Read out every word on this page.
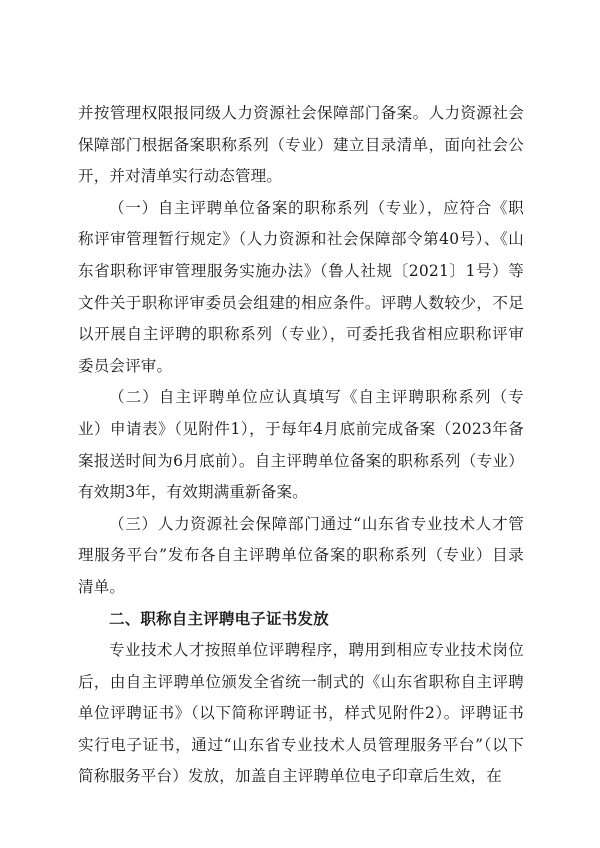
并按管理权限报同级人力资源社会保障部门备案。人力资源社会保障部门根据备案职称系列（专业）建立目录清单，面向社会公开，并对清单实行动态管理。

（一）自主评聘单位备案的职称系列（专业），应符合《职称评审管理暂行规定》（人力资源和社会保障部令第40号）、《山东省职称评审管理服务实施办法》（鲁人社规〔2021〕1号）等文件关于职称评审委员会组建的相应条件。评聘人数较少，不足以开展自主评聘的职称系列（专业），可委托我省相应职称评审委员会评审。

（二）自主评聘单位应认真填写《自主评聘职称系列（专业）申请表》（见附件1），于每年4月底前完成备案（2023年备案报送时间为6月底前）。自主评聘单位备案的职称系列（专业）有效期3年，有效期满重新备案。

（三）人力资源社会保障部门通过“山东省专业技术人才管理服务平台”发布各自主评聘单位备案的职称系列（专业）目录清单。

二、职称自主评聘电子证书发放

专业技术人才按照单位评聘程序，聘用到相应专业技术岗位后，由自主评聘单位颁发全省统一制式的《山东省职称自主评聘单位评聘证书》（以下简称评聘证书，样式见附件2）。评聘证书实行电子证书，通过“山东省专业技术人员管理服务平台”（以下简称服务平台）发放，加盖自主评聘单位电子印章后生效，在
